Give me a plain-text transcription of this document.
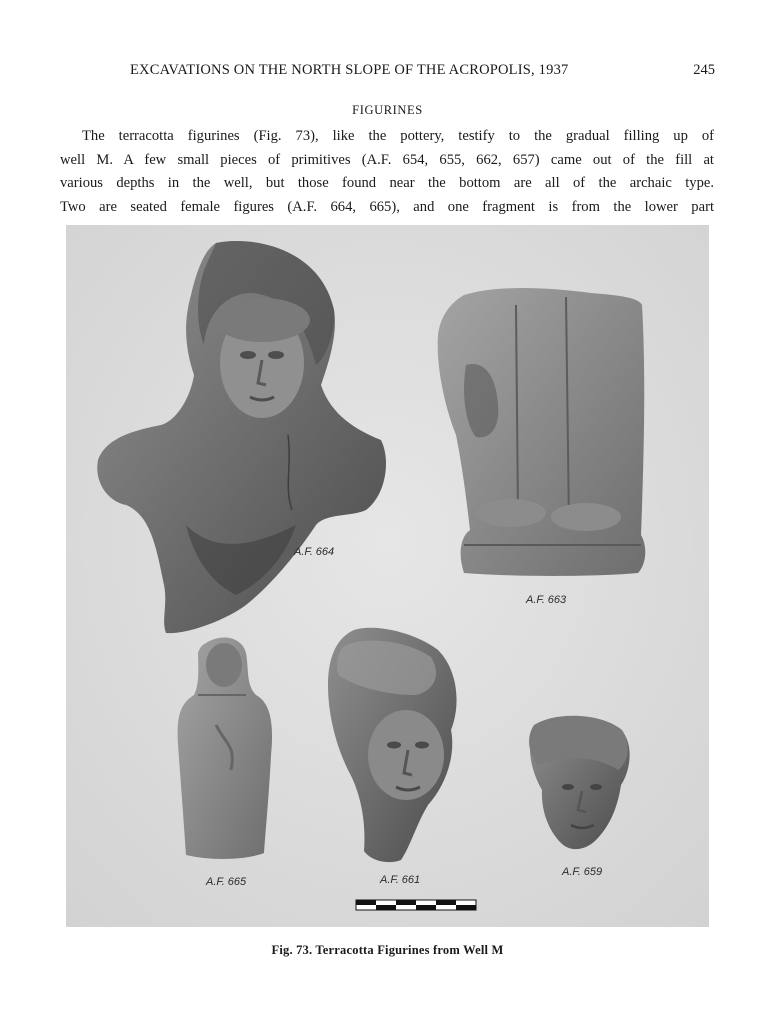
EXCAVATIONS ON THE NORTH SLOPE OF THE ACROPOLIS, 1937	245
FIGURINES

The terracotta figurines (Fig. 73), like the pottery, testify to the gradual filling up of
well M. A few small pieces of primitives (A.F. 654, 655, 662, 657) came out of the fill at
various depths in the well, but those found near the bottom are all of the archaic type.
Two are seated female figures (A.F. 664, 665), and one fragment is from the lower part

A.F. 664
A.F. 663
A.F. 665	A.F. 661
A.F. 659
Fig. 73. Terracotta Figurines from Well M
